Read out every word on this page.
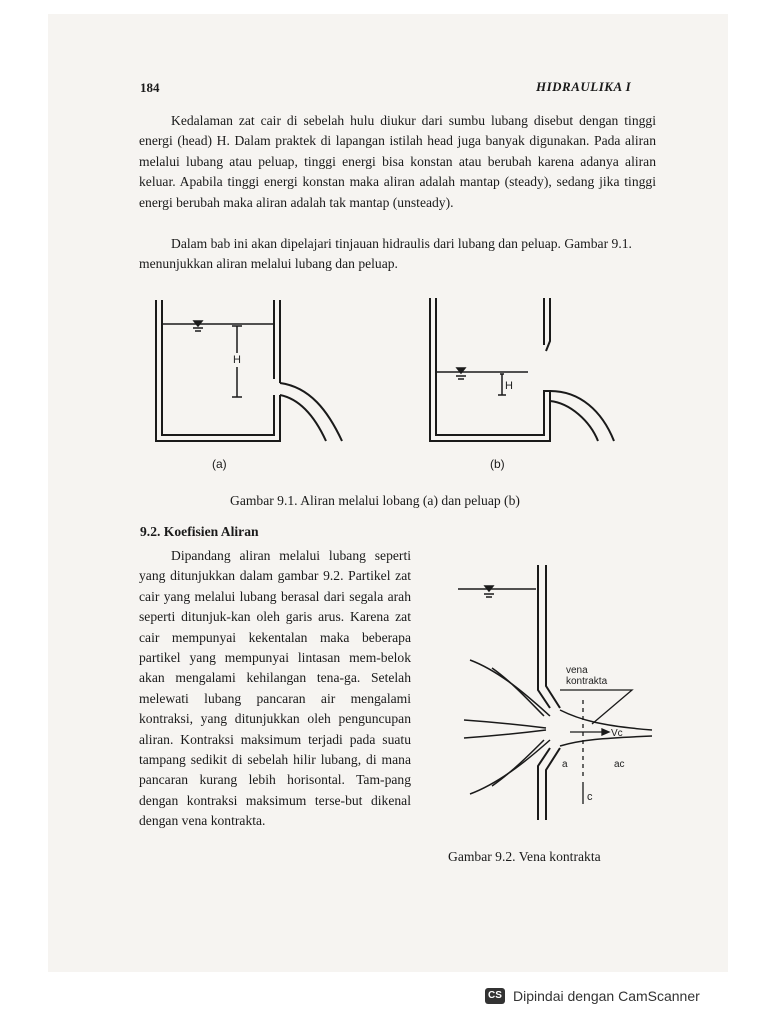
184	HIDRAULIKA I

Kedalaman zat cair di sebelah hulu diukur dari sumbu lubang disebut dengan tinggi energi (head) H. Dalam praktek di lapangan istilah head juga banyak digunakan. Pada aliran melalui lubang atau peluap, tinggi energi bisa konstan atau berubah karena adanya aliran keluar. Apabila tinggi energi konstan maka aliran adalah mantap (steady), sedang jika tinggi energi berubah maka aliran adalah tak mantap (unsteady).

Dalam bab ini akan dipelajari tinjauan hidraulis dari lubang dan peluap. Gambar 9.1. menunjukkan aliran melalui lubang dan peluap.

H
H
(a)	(b)
Gambar 9.1. Aliran melalui lobang (a) dan peluap (b)
9.2. Koefisien Aliran

Dipandang aliran melalui lubang seperti yang ditunjukkan dalam gambar 9.2. Partikel zat cair yang melalui lubang berasal dari segala arah seperti ditunjuk-kan oleh garis arus. Karena zat cair mempunyai kekentalan maka beberapa partikel yang mempunyai lintasan mem-belok akan mengalami kehilangan tena-ga. Setelah melewati lubang pancaran air mengalami kontraksi, yang ditunjukkan oleh penguncupan aliran. Kontraksi maksimum terjadi pada suatu tampang sedikit di sebelah hilir lubang, di mana pancaran kurang lebih horisontal. Tam-pang dengan kontraksi maksimum terse-but dikenal dengan vena kontrakta.

vena
kontrakta
Vc
a	ac
c
Gambar 9.2. Vena kontrakta
CS Dipindai dengan CamScanner
